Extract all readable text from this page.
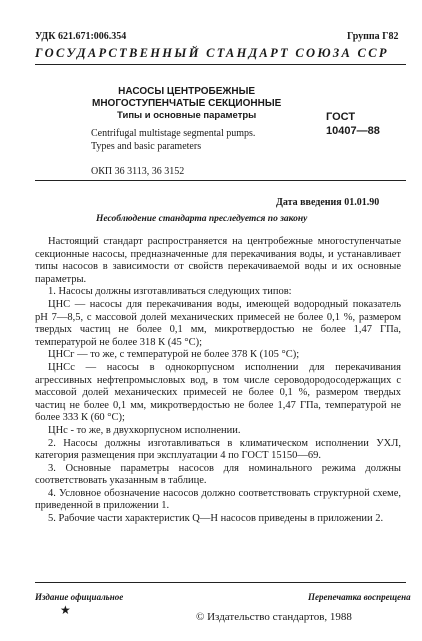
УДК 621.671:006.354	Группа Г82
ГОСУДАРСТВЕННЫЙ СТАНДАРТ СОЮЗА ССР
НАСОСЫ ЦЕНТРОБЕЖНЫЕ
МНОГОСТУПЕНЧАТЫЕ СЕКЦИОННЫЕ
Типы и основные параметры
Centrifugal multistage segmental pumps.
Types and basic parameters
ГОСТ
10407—88
ОКП 36 3113, 36 3152
Дата введения 01.01.90
Несоблюдение стандарта преследуется по закону

Настоящий стандарт распространяется на центробежные многоступенчатые секционные насосы, предназначенные для перекачивания воды, и устанавливает типы насосов в зависимости от свойств перекачиваемой воды и их основные параметры.

1. Насосы должны изготавливаться следующих типов:

ЦНС — насосы для перекачивания воды, имеющей водородный показатель рН 7—8,5, с массовой долей механических примесей не более 0,1 %, размером твердых частиц не более 0,1 мм, микротвердостью не более 1,47 ГПа, температурой не более 318 К (45 °C);

ЦНСг — то же, с температурой не более 378 К (105 °C);

ЦНСс — насосы в однокорпусном исполнении для перекачивания агрессивных нефтепромысловых вод, в том числе сероводородосодержащих с массовой долей механических примесей не более 0,1 %, размером твердых частиц не более 0,1 мм, микротвердостью не более 1,47 ГПа, температурой не более 333 К (60 °C);

ЦНс - то же, в двухкорпусном исполнении.

2. Насосы должны изготавливаться в климатическом исполнении УХЛ, категория размещения при эксплуатации 4 по ГОСТ 15150—69.

3. Основные параметры насосов для номинального режима должны соответствовать указанным в таблице.

4. Условное обозначение насосов должно соответствовать структурной схеме, приведенной в приложении 1.

5. Рабочие части характеристик Q—H насосов приведены в приложении 2.

Издание официальное	Перепечатка воспрещена
★	© Издательство стандартов, 1988
